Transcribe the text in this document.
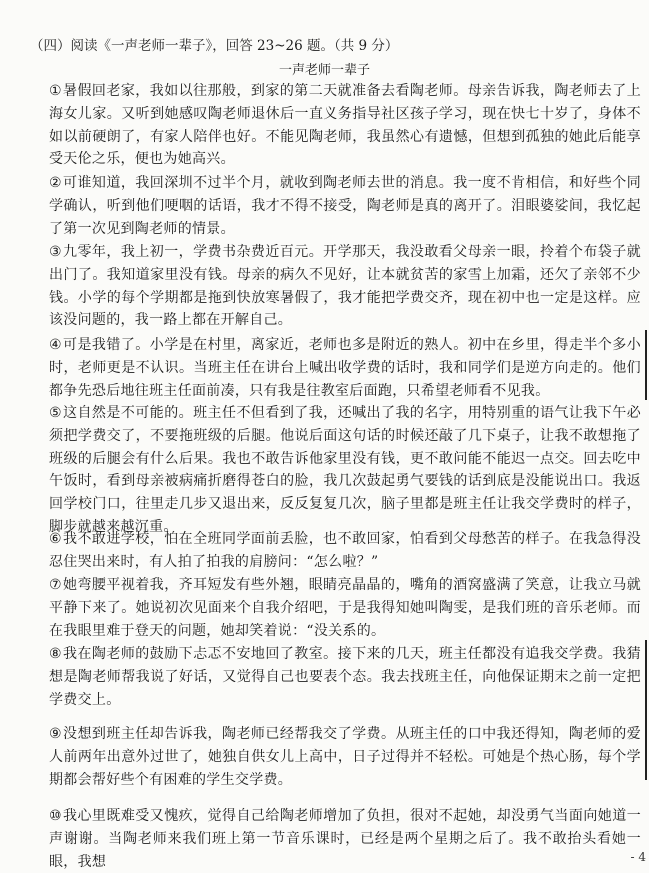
（四）阅读《一声老师一辈子》，回答 23~26 题。（共 9 分）
一声老师一辈子
①暑假回老家，我如以往那般，到家的第二天就准备去看陶老师。母亲告诉我，陶老师去了上海女儿家。又听到她感叹陶老师退休后一直义务指导社区孩子学习，现在快七十岁了，身体不如以前硬朗了，有家人陪伴也好。不能见陶老师，我虽然心有遗憾，但想到孤独的她此后能享受天伦之乐，便也为她高兴。
②可谁知道，我回深圳不过半个月，就收到陶老师去世的消息。我一度不肯相信，和好些个同学确认，听到他们哽咽的话语，我才不得不接受，陶老师是真的离开了。泪眼婆娑间，我忆起了第一次见到陶老师的情景。
③九零年，我上初一，学费书杂费近百元。开学那天，我没敢看父母亲一眼，拎着个布袋子就出门了。我知道家里没有钱。母亲的病久不见好，让本就贫苦的家雪上加霜，还欠了亲邻不少钱。小学的每个学期都是拖到快放寒暑假了，我才能把学费交齐，现在初中也一定是这样。应该没问题的，我一路上都在开解自己。
④可是我错了。小学是在村里，离家近，老师也多是附近的熟人。初中在乡里，得走半个多小时，老师更是不认识。当班主任在讲台上喊出收学费的话时，我和同学们是逆方向走的。他们都争先恐后地往班主任面前凑，只有我是往教室后面跑，只希望老师看不见我。
⑤这自然是不可能的。班主任不但看到了我，还喊出了我的名字，用特别重的语气让我下午必须把学费交了，不要拖班级的后腿。他说后面这句话的时候还敲了几下桌子，让我不敢想拖了班级的后腿会有什么后果。我也不敢告诉他家里没有钱，更不敢问能不能迟一点交。回去吃中午饭时，看到母亲被病痛折磨得苍白的脸，我几次鼓起勇气要钱的话到底是没能说出口。我返回学校门口，往里走几步又退出来，反反复复几次，脑子里都是班主任让我交学费时的样子，脚步就越来越沉重。
⑥我不敢进学校，怕在全班同学面前丢脸，也不敢回家，怕看到父母愁苦的样子。在我急得没忍住哭出来时，有人拍了拍我的肩膀问：“怎么啦？”
⑦她弯腰平视着我，齐耳短发有些外翘，眼睛亮晶晶的，嘴角的酒窝盛满了笑意，让我立马就平静下来了。她说初次见面来个自我介绍吧，于是我得知她叫陶雯，是我们班的音乐老师。而在我眼里难于登天的问题，她却笑着说：“没关系的。
⑧我在陶老师的鼓励下忐忑不安地回了教室。接下来的几天，班主任都没有追我交学费。我猜想是陶老师帮我说了好话，又觉得自己也要表个态。我去找班主任，向他保证期末之前一定把学费交上。
⑨没想到班主任却告诉我，陶老师已经帮我交了学费。从班主任的口中我还得知，陶老师的爱人前两年出意外过世了，她独自供女儿上高中，日子过得并不轻松。可她是个热心肠，每个学期都会帮好些个有困难的学生交学费。
⑩我心里既难受又愧疚，觉得自己给陶老师增加了负担，很对不起她，却没勇气当面向她道一声谢谢。当陶老师来我们班上第一节音乐课时，已经是两个星期之后了。我不敢抬头看她一眼，我想	- 4
